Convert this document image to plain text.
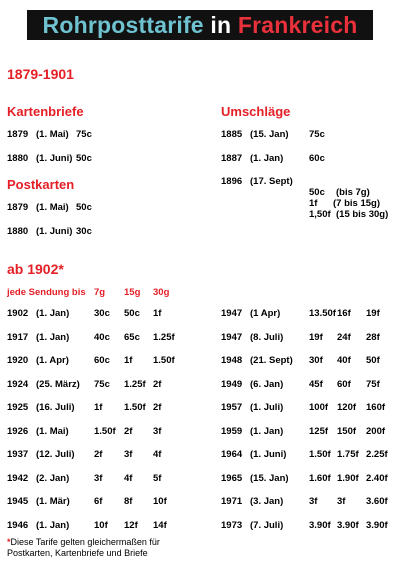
Rohrposttarife
in
Frankreich
1879-1901
Kartenbriefe
1879 (1. Mai) 75c
1880 (1. Juni) 50c
Postkarten
1879 (1. Mai) 50c
1880 (1. Juni) 30c
Umschläge
1885 (15. Jan) 75c
1887 (1. Jan)	60c
1896 (17. Sept)
50c (bis 7g)
1f (7 bis 15g)
1,50f (15 bis 30g)
ab 1902*
jede Sendung bis 7g 15g 30g
1902 (1. Jan)	30c 50c 1f
1917 (1. Jan)	40c 65c 1.25f
1920 (1. Apr)	60c 1f 1.50f
1924 (25. März) 75c 1.25f 2f
1925 (16. Juli) 1f 1.50f 2f
1926 (1. Mai)	1.50f 2f 3f
1937 (12. Juli) 2f 3f 4f
1942 (2. Jan)	3f 4f 5f
1945 (1. Mär)	6f 8f 10f
1946 (1. Jan)	10f 12f 14f
1947 (1 Apr)	13.50f 16f 19f
1947 (8. Juli)	19f 24f 28f
1948 (21. Sept) 30f 40f 50f
1949 (6. Jan)	45f 60f 75f
1957 (1. Juli)	100f 120f 160f
1959 (1. Jan)	125f 150f 200f
1964 (1. Juni) 1.50f 1.75f 2.25f
1965 (15. Jan) 1.60f 1.90f 2.40f
1971 (3. Jan)	3f 3f 3.60f
1973 (7. Juli)	3.90f 3.90f 3.90f
*Diese Tarife gelten gleichermaßen für
Postkarten, Kartenbriefe und Briefe
